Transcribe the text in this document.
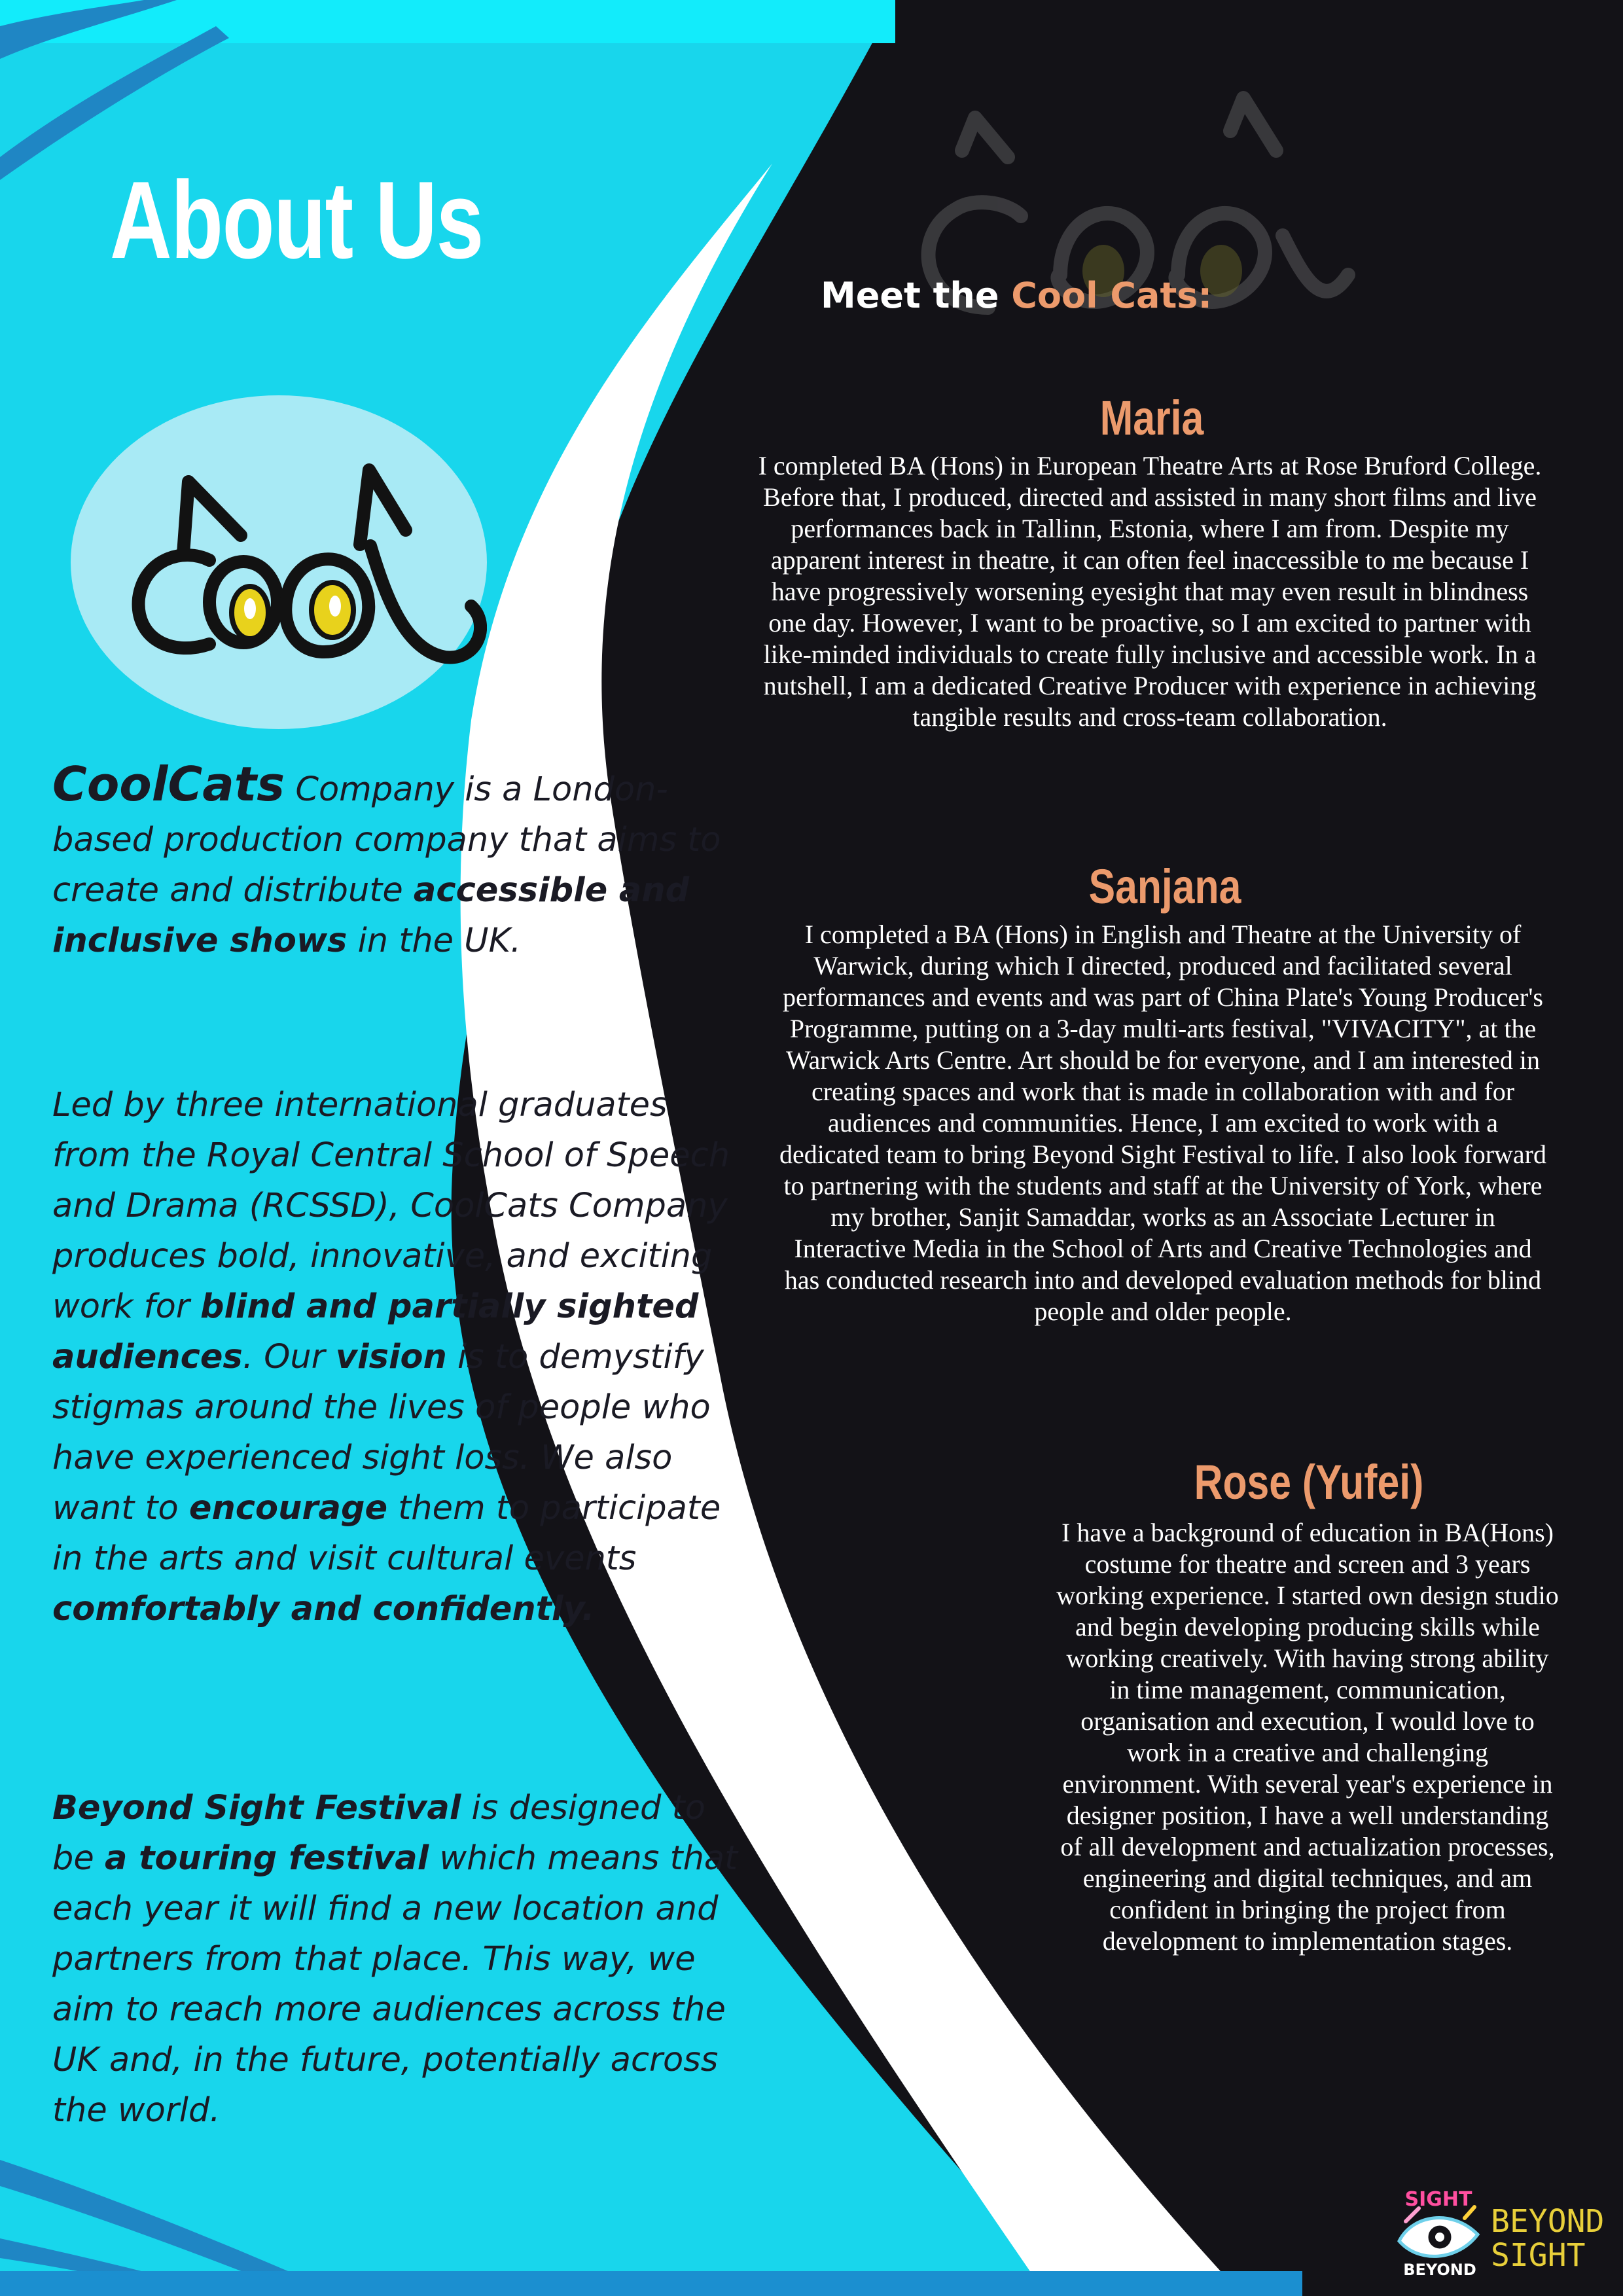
About Us

CoolCats Company is a London-based production company that aims to create and distribute accessible and inclusive shows in the UK.

Led by three international graduates from the Royal Central School of Speech and Drama (RCSSD), CoolCats Company produces bold, innovative, and exciting work for blind and partially sighted audiences. Our vision is to demystify stigmas around the lives of people who have experienced sight loss. We also want to encourage them to participate in the arts and visit cultural events comfortably and confidently.

Beyond Sight Festival is designed to be a touring festival which means that each year it will find a new location and partners from that place. This way, we aim to reach more audiences across the UK and, in the future, potentially across the world.

Meet the Cool Cats:
Maria

I completed BA (Hons) in European Theatre Arts at Rose Bruford College. Before that, I produced, directed and assisted in many short films and live performances back in Tallinn, Estonia, where I am from. Despite my apparent interest in theatre, it can often feel inaccessible to me because I have progressively worsening eyesight that may even result in blindness one day. However, I want to be proactive, so I am excited to partner with like-minded individuals to create fully inclusive and accessible work. In a nutshell, I am a dedicated Creative Producer with experience in achieving tangible results and cross-team collaboration.

Sanjana

I completed a BA (Hons) in English and Theatre at the University of Warwick, during which I directed, produced and facilitated several performances and events and was part of China Plate's Young Producer's Programme, putting on a 3-day multi-arts festival, "VIVACITY", at the Warwick Arts Centre. Art should be for everyone, and I am interested in creating spaces and work that is made in collaboration with and for audiences and communities. Hence, I am excited to work with a dedicated team to bring Beyond Sight Festival to life. I also look forward to partnering with the students and staff at the University of York, where my brother, Sanjit Samaddar, works as an Associate Lecturer in Interactive Media in the School of Arts and Creative Technologies and has conducted research into and developed evaluation methods for blind people and older people.

Rose (Yufei)

I have a background of education in BA(Hons) costume for theatre and screen and 3 years working experience. I started own design studio and begin developing producing skills while working creatively. With having strong ability in time management, communication, organisation and execution, I would love to work in a creative and challenging environment. With several year's experience in designer position, I have a well understanding of all development and actualization processes, engineering and digital techniques, and am confident in bringing the project from development to implementation stages.

SIGHT
BEYOND
BEYOND
SIGHT
